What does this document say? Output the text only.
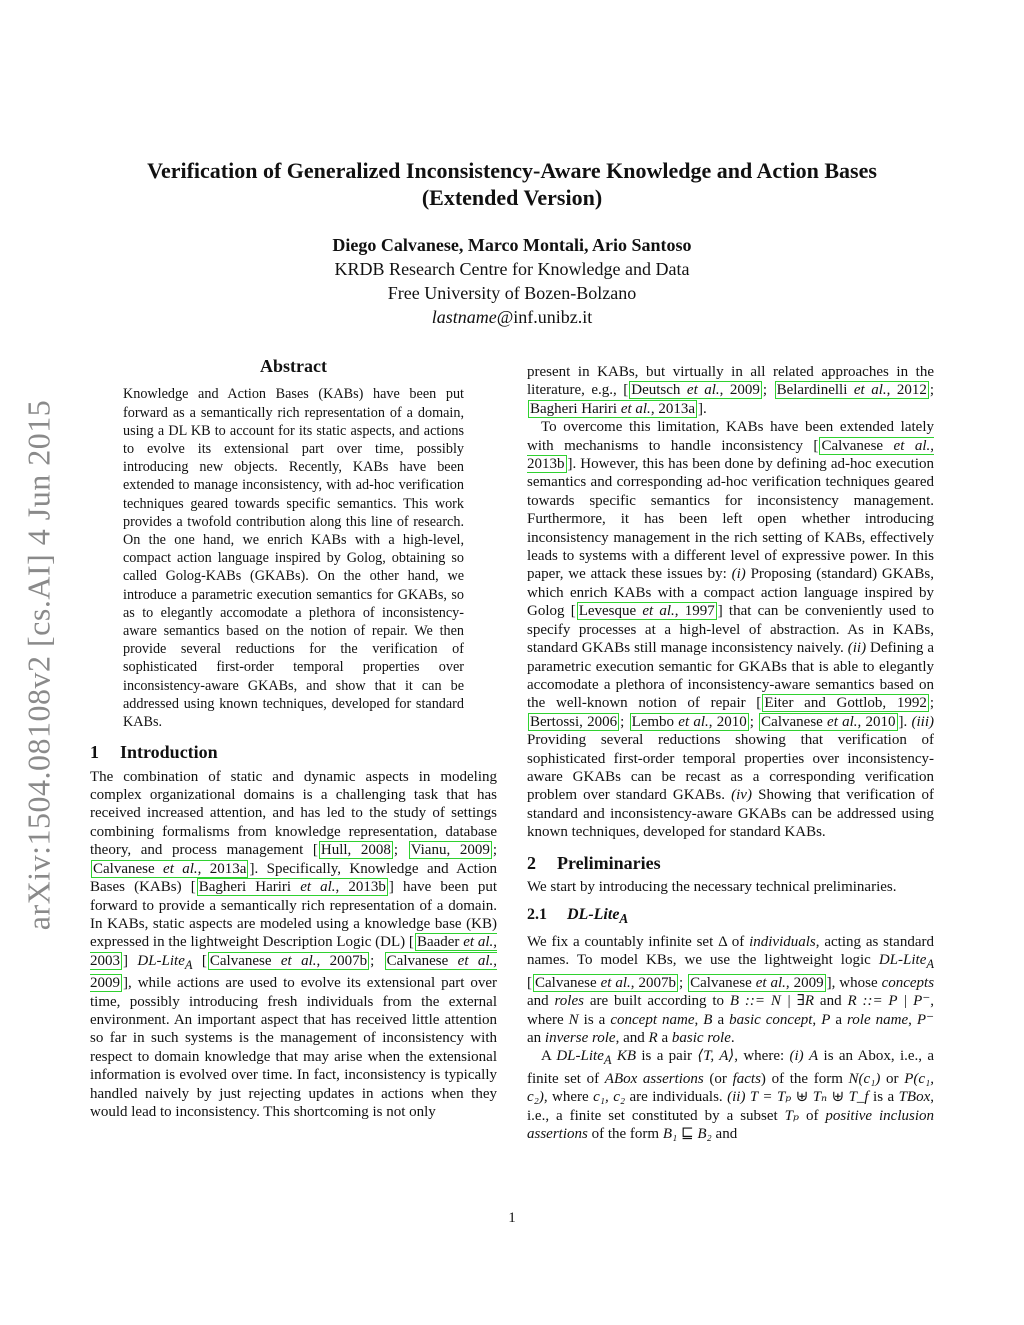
arXiv:1504.08108v2 [cs.AI] 4 Jun 2015
Verification of Generalized Inconsistency-Aware Knowledge and Action Bases
(Extended Version)
Diego Calvanese, Marco Montali, Ario Santoso
KRDB Research Centre for Knowledge and Data
Free University of Bozen-Bolzano
lastname@inf.unibz.it
Abstract

Knowledge and Action Bases (KABs) have been put forward as a semantically rich representation of a domain, using a DL KB to account for its static aspects, and actions to evolve its extensional part over time, possibly introducing new objects. Recently, KABs have been extended to manage inconsistency, with ad-hoc verification techniques geared towards specific semantics. This work provides a twofold contribution along this line of research. On the one hand, we enrich KABs with a high-level, compact action language inspired by Golog, obtaining so called Golog-KABs (GKABs). On the other hand, we introduce a parametric execution semantics for GKABs, so as to elegantly accomodate a plethora of inconsistency-aware semantics based on the notion of repair. We then provide several reductions for the verification of sophisticated first-order temporal properties over inconsistency-aware GKABs, and show that it can be addressed using known techniques, developed for standard KABs.

1 Introduction

The combination of static and dynamic aspects in modeling complex organizational domains is a challenging task that has received increased attention, and has led to the study of settings combining formalisms from knowledge representation, database theory, and process management [ Hull, 2008 ; Vianu, 2009 ; Calvanese et al., 2013a ]. Specifically, Knowledge and Action Bases (KABs) [ Bagheri Hariri et al., 2013b ] have been put forward to provide a semantically rich representation of a domain. In KABs, static aspects are modeled using a knowledge base (KB) expressed in the lightweight Description Logic (DL) [ Baader et al., 2003 ] DL-Lite$_A$ [ Calvanese et al., 2007b ; Calvanese et al., 2009 ], while actions are used to evolve its extensional part over time, possibly introducing fresh individuals from the external environment. An important aspect that has received little attention so far in such systems is the management of inconsistency with respect to domain knowledge that may arise when the extensional information is evolved over time. In fact, inconsistency is typically handled naively by just rejecting updates in actions when they would lead to inconsistency. This shortcoming is not only

present in KABs, but virtually in all related approaches in the literature, e.g., [ Deutsch et al., 2009 ; Belardinelli et al., 2012 ; Bagheri Hariri et al., 2013a ].

To overcome this limitation, KABs have been extended lately with mechanisms to handle inconsistency [ Calvanese et al., 2013b ]. However, this has been done by defining ad-hoc execution semantics and corresponding ad-hoc verification techniques geared towards specific semantics for inconsistency management. Furthermore, it has been left open whether introducing inconsistency management in the rich setting of KABs, effectively leads to systems with a different level of expressive power. In this paper, we attack these issues by: (i) Proposing (standard) GKABs, which enrich KABs with a compact action language inspired by Golog [ Levesque et al., 1997 ] that can be conveniently used to specify processes at a high-level of abstraction. As in KABs, standard GKABs still manage inconsistency naively. (ii) Defining a parametric execution semantic for GKABs that is able to elegantly accomodate a plethora of inconsistency-aware semantics based on the well-known notion of repair [ Eiter and Gottlob, 1992 ; Bertossi, 2006 ; Lembo et al., 2010 ; Calvanese et al., 2010 ]. (iii) Providing several reductions showing that verification of sophisticated first-order temporal properties over inconsistency-aware GKABs can be recast as a corresponding verification problem over standard GKABs. (iv) Showing that verification of standard and inconsistency-aware GKABs can be addressed using known techniques, developed for standard KABs.

2 Preliminaries

We start by introducing the necessary technical preliminaries.

2.1 DL-Lite$_A$

We fix a countably infinite set Δ of individuals, acting as standard names. To model KBs, we use the lightweight logic DL-Lite$_A$ [ Calvanese et al., 2007b ; Calvanese et al., 2009 ], whose concepts and roles are built according to B ::= N | ∃R and R ::= P | P⁻, where N is a concept name, B a basic concept, P a role name, P⁻ an inverse role, and R a basic role.

A DL-Lite$_A$ KB is a pair ⟨T, A⟩, where: (i) A is an Abox, i.e., a finite set of ABox assertions (or facts) of the form N(c₁) or P(c₁, c₂), where c₁, c₂ are individuals. (ii) T = Tₚ ⊎ Tₙ ⊎ T_f is a TBox, i.e., a finite set constituted by a subset Tₚ of positive inclusion assertions of the form B₁ ⊑ B₂ and

1
